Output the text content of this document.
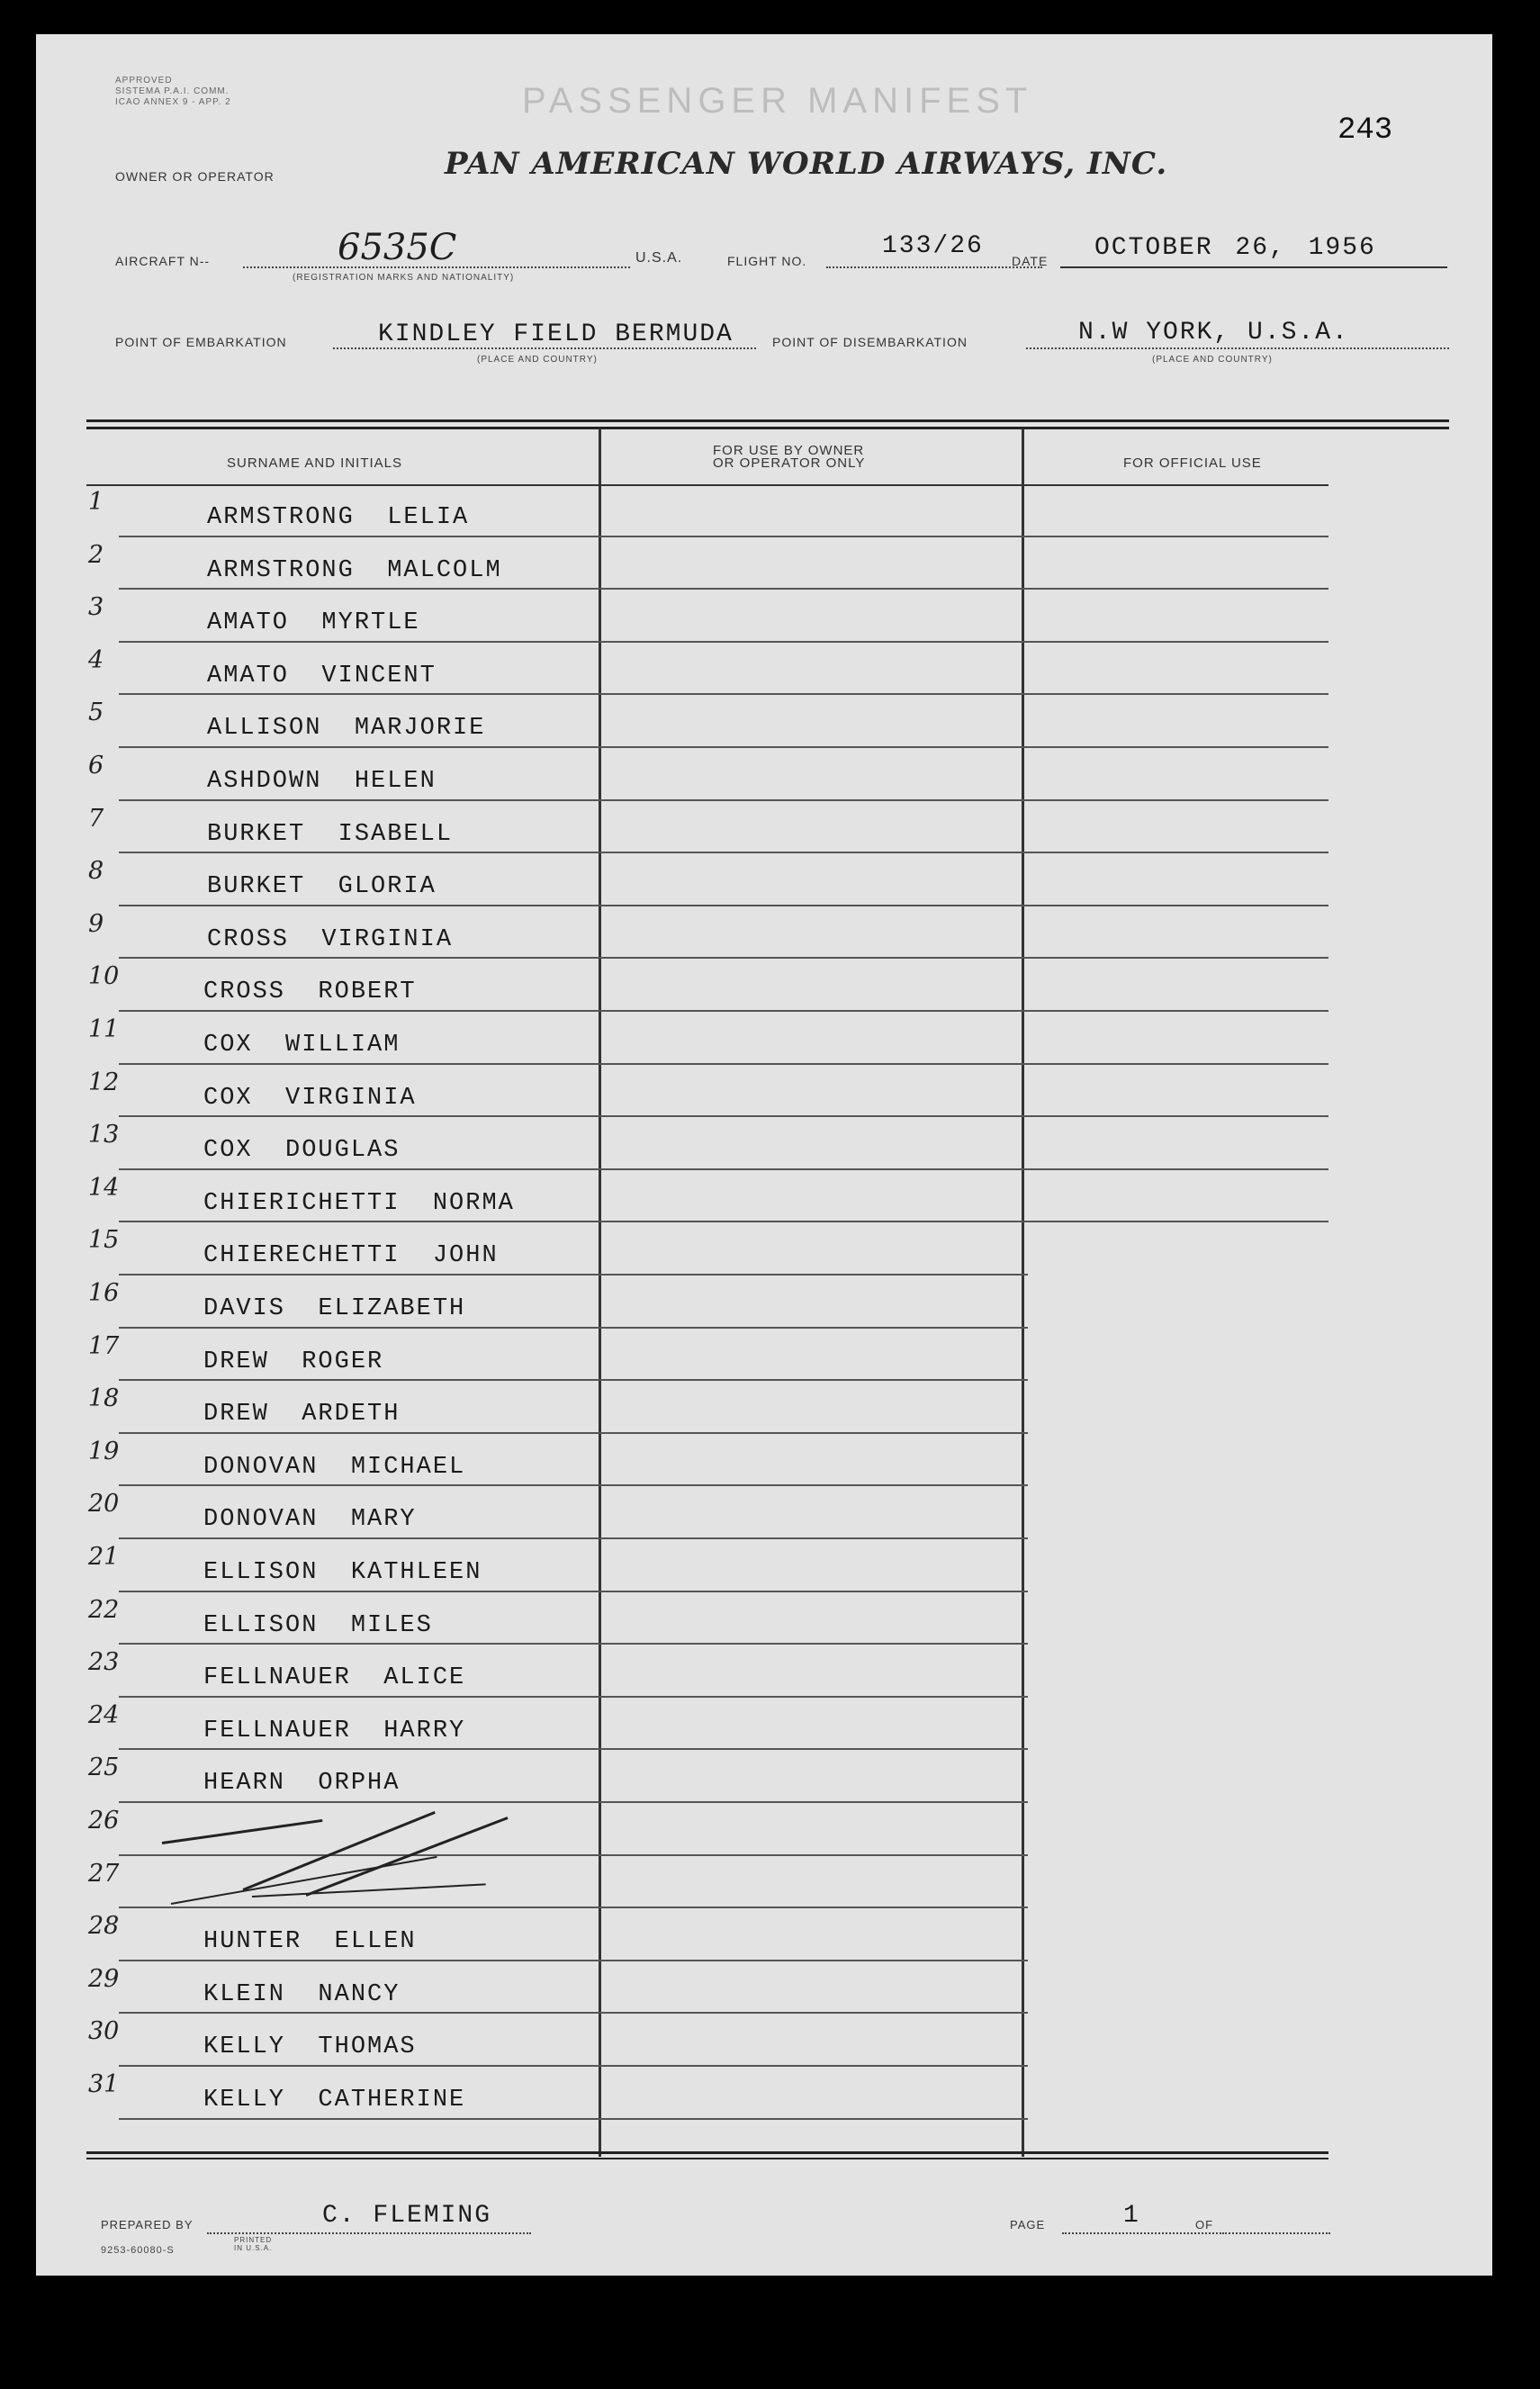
APPROVED
SISTEMA P.A.I. COMM.
ICAO ANNEX 9 - APP. 2	PASSENGER MANIFEST
243
OWNER OR OPERATOR	PAN AMERICAN WORLD AIRWAYS, INC.
AIRCRAFT N--	6535C
(REGISTRATION MARKS AND NATIONALITY)
U.S.A.	FLIGHT NO.
133/26
DATE OCTOBER 26, 1956
POINT OF EMBARKATION	KINDLEY FIELD BERMUDA
(PLACE AND COUNTRY)
POINT OF DISEMBARKATION	N.W YORK, U.S.A.
(PLACE AND COUNTRY)
SURNAME AND INITIALS
FOR USE BY OWNER
OR OPERATOR ONLY	FOR OFFICIAL USE
1
ARMSTRONG  LELIA
2
ARMSTRONG  MALCOLM
3
AMATO  MYRTLE
4
AMATO  VINCENT
5
ALLISON  MARJORIE
6
ASHDOWN  HELEN
7
BURKET  ISABELL
8
BURKET  GLORIA
9
CROSS  VIRGINIA
10
CROSS  ROBERT
11
COX  WILLIAM
12
COX  VIRGINIA
13
COX  DOUGLAS
14
CHIERICHETTI  NORMA
15
CHIERECHETTI  JOHN
16
DAVIS  ELIZABETH
17
DREW  ROGER
18
DREW  ARDETH
19
DONOVAN  MICHAEL
20
DONOVAN  MARY
21
ELLISON  KATHLEEN
22
ELLISON  MILES
23
FELLNAUER  ALICE
24
FELLNAUER  HARRY
25
HEARN  ORPHA
26
27
28
HUNTER  ELLEN
29
KLEIN  NANCY
30
KELLY  THOMAS
31
KELLY  CATHERINE
PREPARED BY	C. FLEMING	PAGE	1	OF
9253-60080-S
PRINTED IN U.S.A.
